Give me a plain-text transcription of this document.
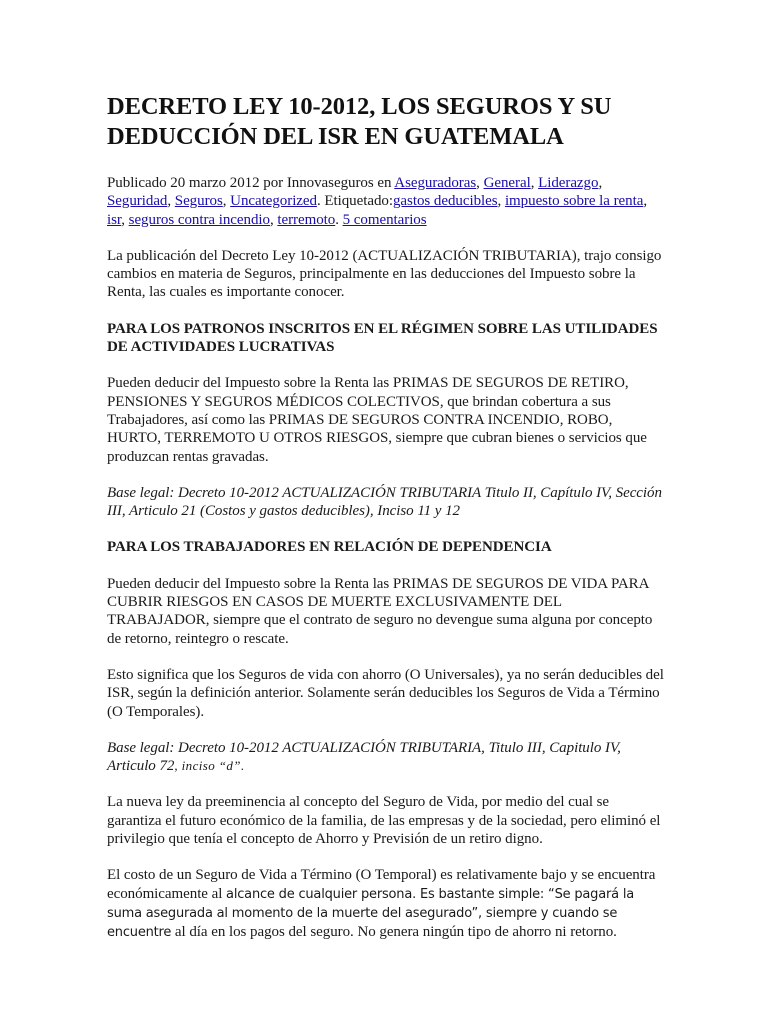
DECRETO LEY 10-2012, LOS SEGUROS Y SU DEDUCCIÓN DEL ISR EN GUATEMALA

Publicado 20 marzo 2012 por Innovaseguros en Aseguradoras, General, Liderazgo, Seguridad, Seguros, Uncategorized. Etiquetado:gastos deducibles, impuesto sobre la renta, isr, seguros contra incendio, terremoto. 5 comentarios

La publicación del Decreto Ley 10-2012 (ACTUALIZACIÓN TRIBUTARIA), trajo consigo cambios en materia de Seguros, principalmente en las deducciones del Impuesto sobre la Renta, las cuales es importante conocer.

PARA LOS PATRONOS INSCRITOS EN EL RÉGIMEN SOBRE LAS UTILIDADES DE ACTIVIDADES LUCRATIVAS

Pueden deducir del Impuesto sobre la Renta las PRIMAS DE SEGUROS DE RETIRO, PENSIONES Y SEGUROS MÉDICOS COLECTIVOS, que brindan cobertura a sus Trabajadores, así como las PRIMAS DE SEGUROS CONTRA INCENDIO, ROBO, HURTO, TERREMOTO U OTROS RIESGOS, siempre que cubran bienes o servicios que produzcan rentas gravadas.

Base legal: Decreto 10-2012 ACTUALIZACIÓN TRIBUTARIA Titulo II, Capítulo IV, Sección III, Articulo 21 (Costos y gastos deducibles), Inciso 11 y 12

PARA LOS TRABAJADORES EN RELACIÓN DE DEPENDENCIA

Pueden deducir del Impuesto sobre la Renta las PRIMAS DE SEGUROS DE VIDA PARA CUBRIR RIESGOS EN CASOS DE MUERTE EXCLUSIVAMENTE DEL TRABAJADOR, siempre que el contrato de seguro no devengue suma alguna por concepto de retorno, reintegro o rescate.

Esto significa que los Seguros de vida con ahorro (O Universales), ya no serán deducibles del ISR, según la definición anterior. Solamente serán deducibles los Seguros de Vida a Término (O Temporales).

Base legal: Decreto 10-2012 ACTUALIZACIÓN TRIBUTARIA, Titulo III, Capitulo IV, Articulo 72, inciso “d”.

La nueva ley da preeminencia al concepto del Seguro de Vida, por medio del cual se garantiza el futuro económico de la familia, de las empresas y de la sociedad, pero eliminó el privilegio que tenía el concepto de Ahorro y Previsión de un retiro digno.

El costo de un Seguro de Vida a Término (O Temporal) es relativamente bajo y se encuentra económicamente al alcance de cualquier persona. Es bastante simple: “Se pagará la suma asegurada al momento de la muerte del asegurado”, siempre y cuando se encuentre al día en los pagos del seguro. No genera ningún tipo de ahorro ni retorno.
